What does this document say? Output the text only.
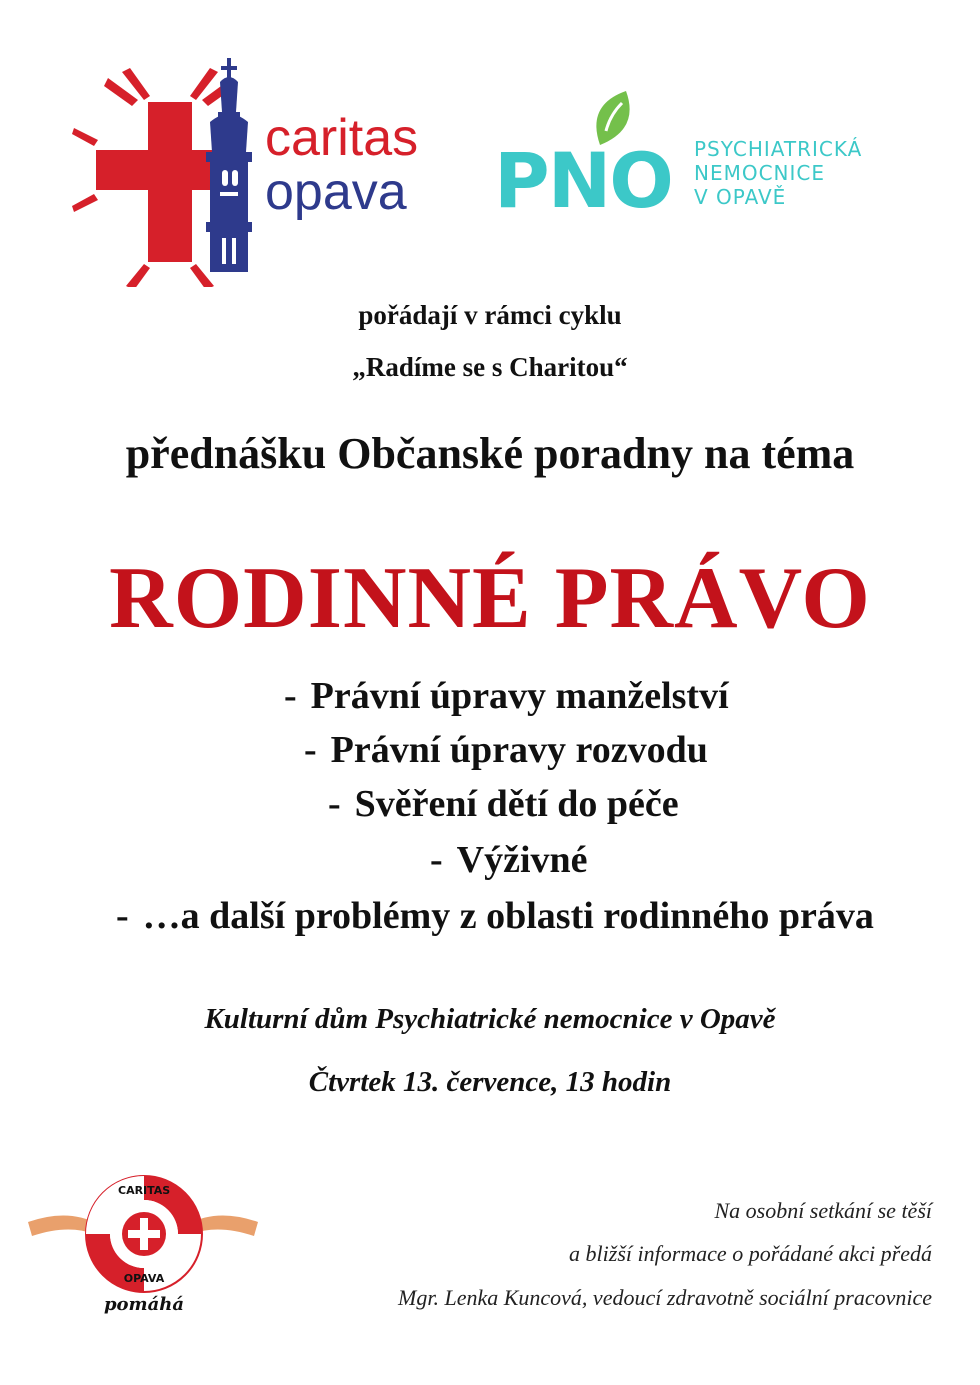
caritas
opava PNO PSYCHIATRICKÁ
NEMOCNICE
V OPAVĚ
pořádají v rámci cyklu
„Radíme se s Charitou“
přednášku Občanské poradny na téma
RODINNÉ PRÁVO
- Právní úpravy manželství
- Právní úpravy rozvodu
- Svěření dětí do péče
- Výživné
- …a další problémy z oblasti rodinného práva
Kulturní dům Psychiatrické nemocnice v Opavě
Čtvrtek 13. července, 13 hodin
CARITAS
OPAVA
pomáhá
Na osobní setkání se těší
a bližší informace o pořádané akci předá
Mgr. Lenka Kuncová, vedoucí zdravotně sociální pracovnice
